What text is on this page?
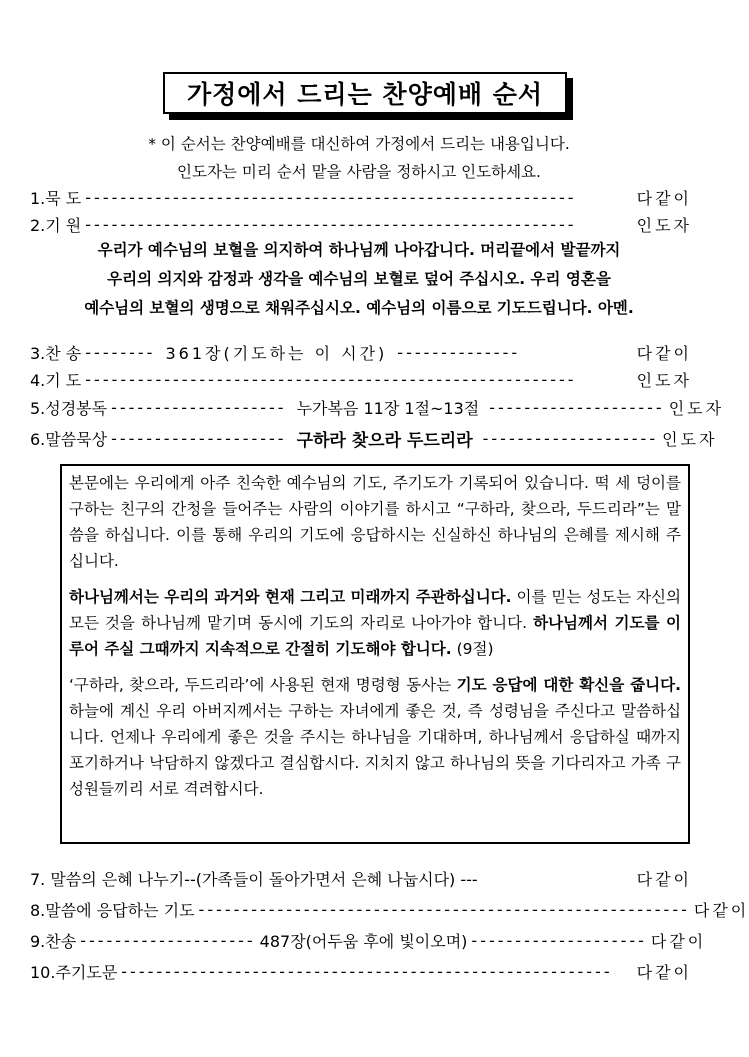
가정에서 드리는 찬양예배 순서
* 이 순서는 찬양예배를 대신하여 가정에서 드리는 내용입니다.
인도자는 미리 순서 맡을 사람을 정하시고 인도하세요.
1.묵 도 --------------------------------------------------------	다같이
2.기 원 --------------------------------------------------------	인도자
우리가 예수님의 보혈을 의지하여 하나님께 나아갑니다. 머리끝에서 발끝까지
우리의 의지와 감정과 생각을 예수님의 보혈로 덮어 주십시오. 우리 영혼을
예수님의 보혈의 생명으로 채워주십시오. 예수님의 이름으로 기도드립니다. 아멘.
3.찬 송 -------- 361장(기도하는 이 시간) --------------	다같이
4.기 도 --------------------------------------------------------	인도자
5.성경봉독 -------------------- 누가복음 11장 1절~13절 -------------------- 인도자
6.말씀묵상 -------------------- 구하라 찾으라 두드리라 -------------------- 인도자

본문에는 우리에게 아주 친숙한 예수님의 기도, 주기도가 기록되어 있습니다. 떡 세 덩이를 구하는 친구의 간청을 들어주는 사람의 이야기를 하시고 “구하라, 찾으라, 두드리라”는 말씀을 하십니다. 이를 통해 우리의 기도에 응답하시는 신실하신 하나님의 은혜를 제시해 주십니다.

하나님께서는 우리의 과거와 현재 그리고 미래까지 주관하십니다. 이를 믿는 성도는 자신의 모든 것을 하나님께 맡기며 동시에 기도의 자리로 나아가야 합니다. 하나님께서 기도를 이루어 주실 그때까지 지속적으로 간절히 기도해야 합니다. (9절)

‘구하라, 찾으라, 두드리라’에 사용된 현재 명령형 동사는 기도 응답에 대한 확신을 줍니다. 하늘에 계신 우리 아버지께서는 구하는 자녀에게 좋은 것, 즉 성령님을 주신다고 말씀하십니다. 언제나 우리에게 좋은 것을 주시는 하나님을 기대하며, 하나님께서 응답하실 때까지 포기하거나 낙담하지 않겠다고 결심합시다. 지치지 않고 하나님의 뜻을 기다리자고 가족 구성원들끼리 서로 격려합시다.

7. 말씀의 은혜 나누기--(가족들이 돌아가면서 은혜 나눕시다) ---	다같이
8.말씀에 응답하는 기도 -------------------------------------------------------- 다같이
9.찬송 -------------------- 487장(어두움 후에 빛이오며) -------------------- 다같이
10.주기도문 --------------------------------------------------------	다같이
